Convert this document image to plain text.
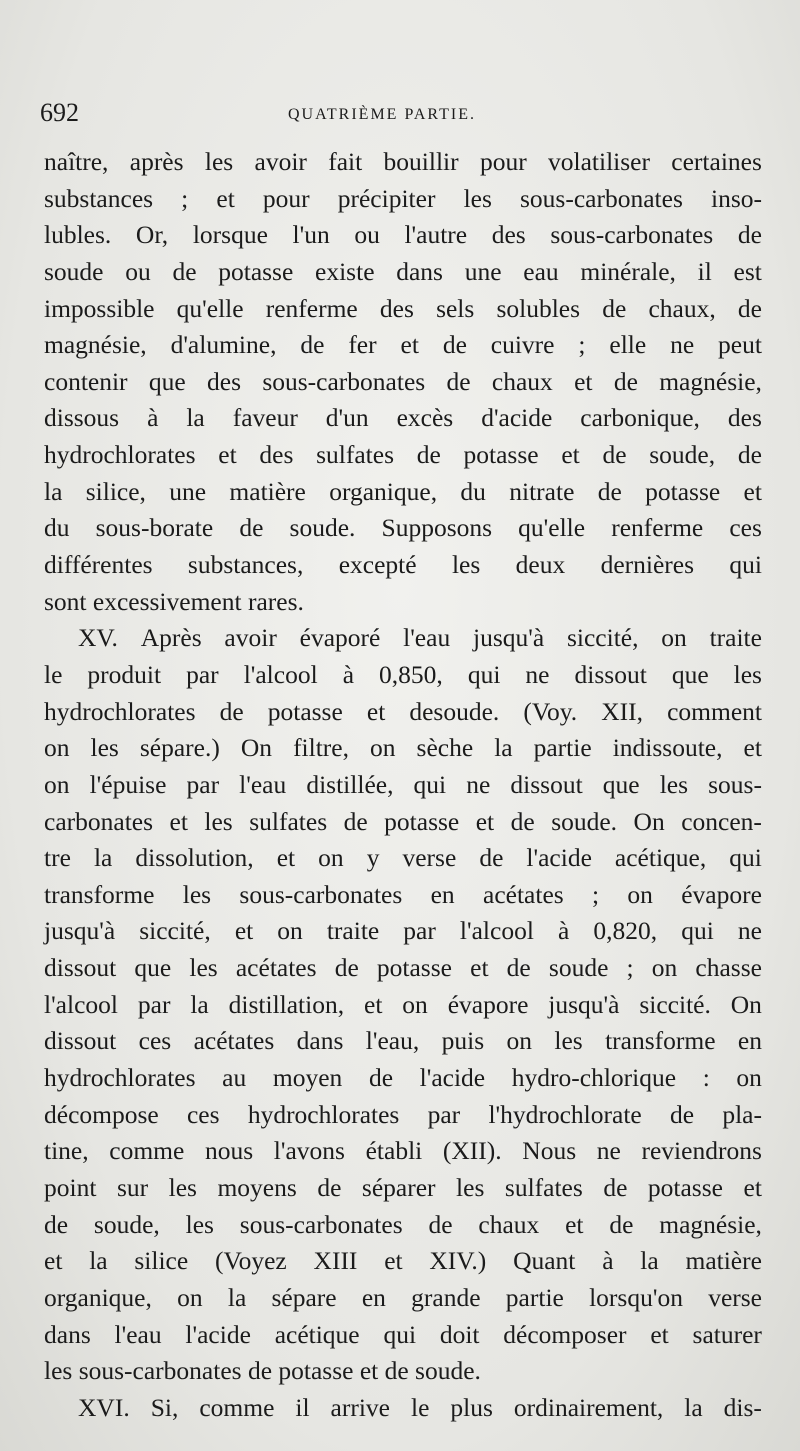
692	QUATRIÈME PARTIE.
naître, après les avoir fait bouillir pour volatiliser certaines
substances ; et pour précipiter les sous-carbonates inso-
lubles. Or, lorsque l'un ou l'autre des sous-carbonates de
soude ou de potasse existe dans une eau minérale, il est
impossible qu'elle renferme des sels solubles de chaux, de
magnésie, d'alumine, de fer et de cuivre ; elle ne peut
contenir que des sous-carbonates de chaux et de magnésie,
dissous à la faveur d'un excès d'acide carbonique, des
hydrochlorates et des sulfates de potasse et de soude, de
la silice, une matière organique, du nitrate de potasse et
du sous-borate de soude. Supposons qu'elle renferme ces
différentes substances, excepté les deux dernières qui
sont excessivement rares.
XV. Après avoir évaporé l'eau jusqu'à siccité, on traite
le produit par l'alcool à 0,850, qui ne dissout que les
hydrochlorates de potasse et desoude. (Voy. XII, comment
on les sépare.) On filtre, on sèche la partie indissoute, et
on l'épuise par l'eau distillée, qui ne dissout que les sous-
carbonates et les sulfates de potasse et de soude. On concen-
tre la dissolution, et on y verse de l'acide acétique, qui
transforme les sous-carbonates en acétates ; on évapore
jusqu'à siccité, et on traite par l'alcool à 0,820, qui ne
dissout que les acétates de potasse et de soude ; on chasse
l'alcool par la distillation, et on évapore jusqu'à siccité. On
dissout ces acétates dans l'eau, puis on les transforme en
hydrochlorates au moyen de l'acide hydro-chlorique : on
décompose ces hydrochlorates par l'hydrochlorate de pla-
tine, comme nous l'avons établi (XII). Nous ne reviendrons
point sur les moyens de séparer les sulfates de potasse et
de soude, les sous-carbonates de chaux et de magnésie,
et la silice (Voyez XIII et XIV.) Quant à la matière
organique, on la sépare en grande partie lorsqu'on verse
dans l'eau l'acide acétique qui doit décomposer et saturer
les sous-carbonates de potasse et de soude.
XVI. Si, comme il arrive le plus ordinairement, la dis-
